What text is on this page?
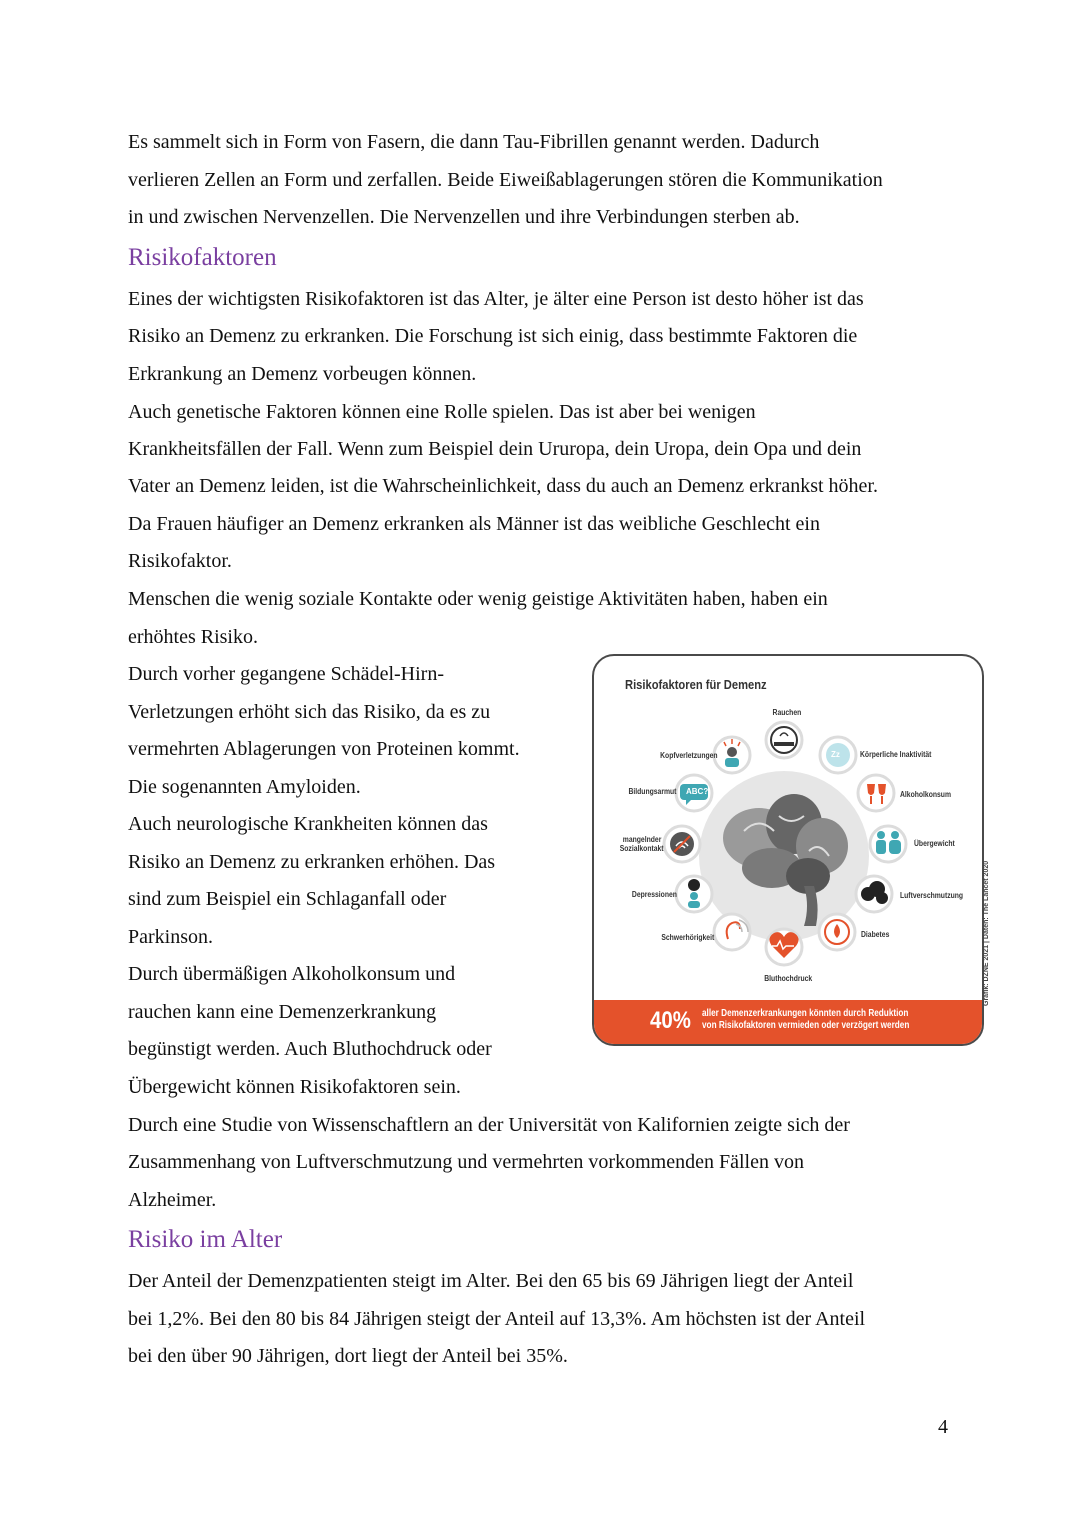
Es sammelt sich in Form von Fasern, die dann Tau-Fibrillen genannt werden. Dadurch
verlieren Zellen an Form und zerfallen. Beide Eiweißablagerungen stören die Kommunikation
in und zwischen Nervenzellen. Die Nervenzellen und ihre Verbindungen sterben ab.
Risikofaktoren
Eines der wichtigsten Risikofaktoren ist das Alter, je älter eine Person ist desto höher ist das
Risiko an Demenz zu erkranken. Die Forschung ist sich einig, dass bestimmte Faktoren die
Erkrankung an Demenz vorbeugen können.
Auch genetische Faktoren können eine Rolle spielen. Das ist aber bei wenigen
Krankheitsfällen der Fall. Wenn zum Beispiel dein Ururopa, dein Uropa, dein Opa und dein
Vater an Demenz leiden, ist die Wahrscheinlichkeit, dass du auch an Demenz erkrankst höher.
Da Frauen häufiger an Demenz erkranken als Männer ist das weibliche Geschlecht ein
Risikofaktor.
Menschen die wenig soziale Kontakte oder wenig geistige Aktivitäten haben, haben ein
erhöhtes Risiko.
Durch vorher gegangene Schädel-Hirn-
Verletzungen erhöht sich das Risiko, da es zu
vermehrten Ablagerungen von Proteinen kommt.
Die sogenannten Amyloiden.
Auch neurologische Krankheiten können das
Risiko an Demenz zu erkranken erhöhen. Das
sind zum Beispiel ein Schlaganfall oder
Parkinson.
Durch übermäßigen Alkoholkonsum und
rauchen kann eine Demenzerkrankung
begünstigt werden. Auch Bluthochdruck oder
Übergewicht können Risikofaktoren sein.
Durch eine Studie von Wissenschaftlern an der Universität von Kalifornien zeigte sich der
Zusammenhang von Luftverschmutzung und vermehrten vorkommenden Fällen von
Alzheimer.
Risiko im Alter
Der Anteil der Demenzpatienten steigt im Alter. Bei den 65 bis 69 Jährigen liegt der Anteil
bei 1,2%. Bei den 80 bis 84 Jährigen steigt der Anteil auf 13,3%. Am höchsten ist der Anteil
bei den über 90 Jährigen, dort liegt der Anteil bei 35%.
4
Risikofaktoren für Demenz
Rauchen
Körperliche Inaktivität
Alkoholkonsum
Übergewicht
Luftverschmutzung
Diabetes
Bluthochdruck
Schwerhörigkeit
Depressionen
mangelnder
Sozialkontakt
Bildungsarmut
Kopfverletzungen
ABC?
Zz
Grafik: DZNE 2021 | Daten: The Lancet 2020
40% aller Demenzerkrankungen könnten durch Reduktion
von Risikofaktoren vermieden oder verzögert werden
